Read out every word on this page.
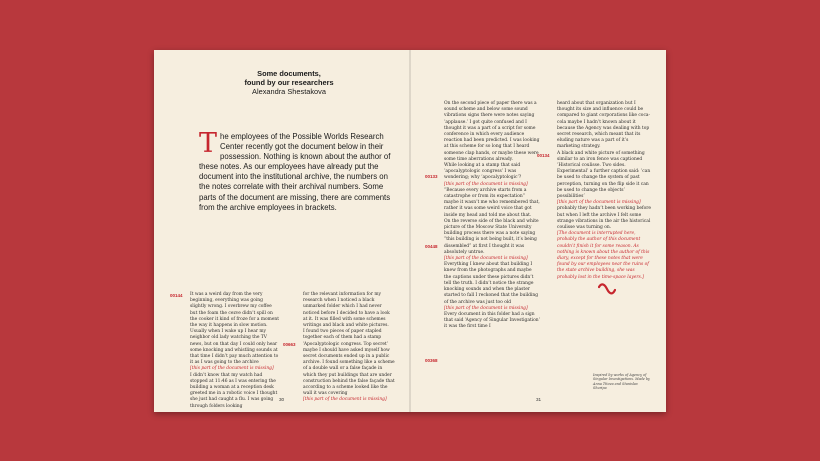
Some documents,
found by our researchers
Alexandra Shestakova
The employees of the Possible Worlds Research Center recently got the document below in their possession. Nothing is known about the author of these notes. As our employees have already put the document into the institutional archive, the numbers on the notes correlate with their archival numbers. Some parts of the document are missing, there are comments from the archive employees in brackets.
00144
00663

It was a weird day from the very beginning, everything was going slightly wrong. I overbrew my coffee but the foam the cezve didn’t spill on the cooker it kind of froze for a moment the way it happens in slow motion. Usually when I wake up I hear my neighbor old lady watching the TV news, but on that day I could only hear some knocking and whistling sounds at that time I didn’t pay much attention to it as I was going to the archive

[this part of the document is missing]

I didn’t know that my watch had stopped at 11:46 as I was entering the building a woman at a reception desk greeted me in a robotic voice I thought she just had caught a flu. I was going through folders looking

for the relevant information for my research when I noticed a black unmarked folder which I had never noticed before I decided to have a look at it. It was filled with some schemes writings and black and white pictures.

I found two pieces of paper stapled together each of them had a stamp ‘Apocalyptologic congress. Top secret’ maybe I should have asked myself how secret documents ended up in a public archive. I found something like a scheme of a double wall or a false façade in which they put buildings that are under construction behind the false façade that according to a scheme looked like the wall it was covering

[this part of the document is missing]

30
00133
00448
00368
00134

On the second piece of paper there was a sound scheme and below some sound vibrations signs there were notes saying ‘applause.’ I got quite confused and I thought it was a part of a script for some conference in which every audience reaction had been predicted. I was looking at this scheme for so long that I heard someone clap hands, or maybe these were some time aberrations already.

While looking at a stamp that said ‘apocalyptologic congress’ I was wondering; why ‘apocalyptologic’?

[this part of the document is missing]

“Because every archive starts from a catastrophe or from its expectation” maybe it wasn’t me who remembered that, rather it was some weird voice that got inside my head and told me about that.

On the reverse side of the black and white picture of the Moscow State University building process there was a note saying “this building is not being built, it’s being dissembled” at first I thought it was absolutely untrue.

[this part of the document is missing]

Everything I knew about that building I knew from the photographs and maybe the captions under these pictures didn’t tell the truth. I didn’t notice the strange knocking sounds and when the plaster started to fall I reckoned that the building of the archive was just too old

[this part of the document is missing]

Every document in this folder had a sign that said ‘Agency of Singular Investigation’ it was the first time I

heard about that organization but I thought its size and influence could be compared to giant corporations like coca-cola maybe I hadn’t known about it because the Agency was dealing with top secret research, which meant that its eluding nature was a part of it’s marketing strategy.

A black and white picture of something similar to an iron fence was captioned ‘Historical coulisse. Two sides. Experimental’ a further caption said: ‘can be used to change the system of past perception, turning on the flip side it can be used to change the objects’ possibilities’

[this part of the document is missing]

probably they hadn’t been working before but when I left the archive I felt some strange vibrations in the air the historical coulisse was turning on.

[The document is interrupted here, probably the author of this document couldn’t finish it for some reason. As nothing is known about the author of this diary, except for these notes that were found by our employees near the ruins of the state archive building, she was probably lost in the time-space layers.]

Inspired by works of Agency of Singular Investigations. Made by Anna Titova and Stanislav Shuripa
31
